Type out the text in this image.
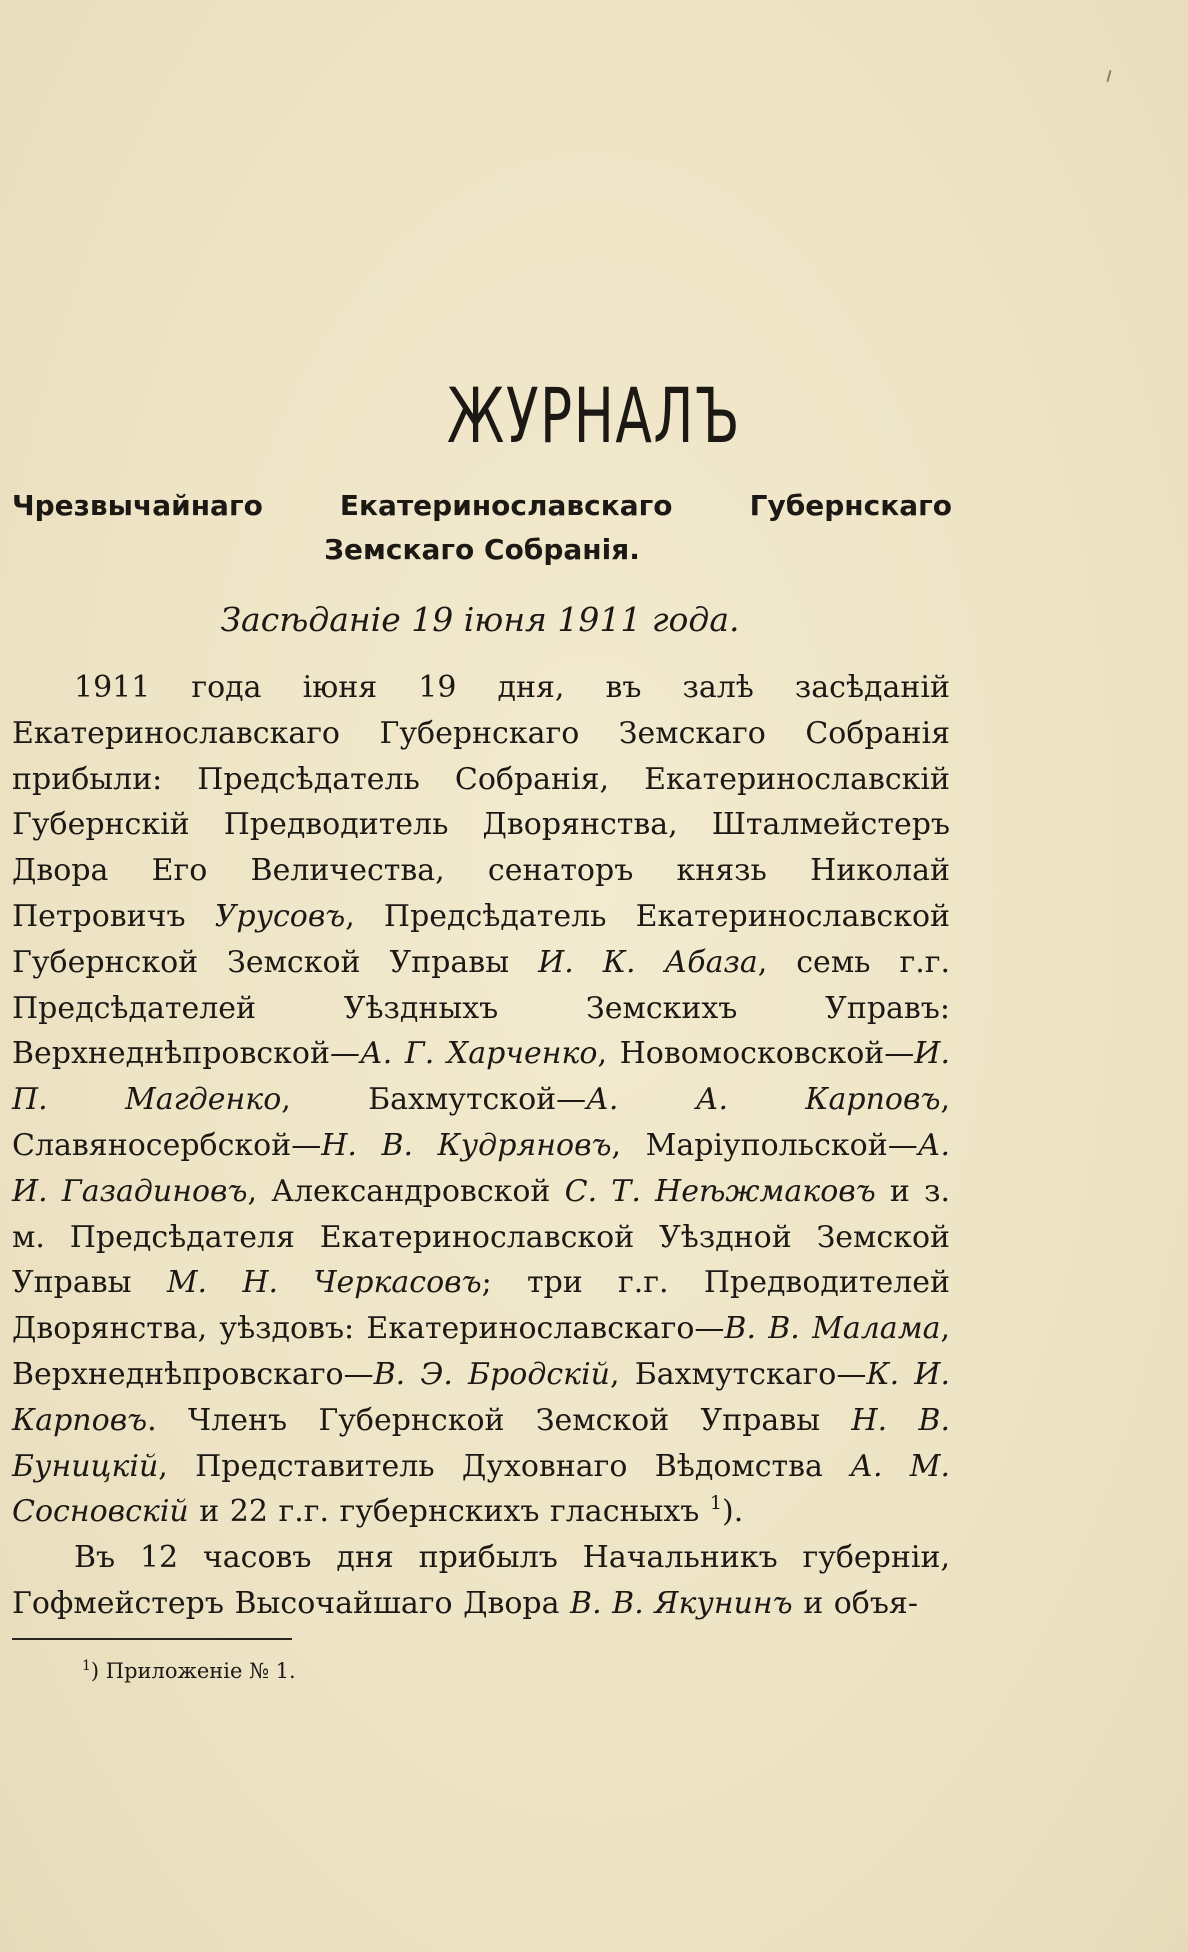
ЖУРНАЛЪ
Чрезвычайнаго Екатеринославскаго Губернскаго Земскаго Собранія.
Засѣданіе 19 іюня 1911 года.

1911 года іюня 19 дня, въ залѣ засѣданій Екатеринославскаго Губернскаго Земскаго Собранія прибыли: Предсѣдатель Собранія, Екатеринославскій Губернскій Предводитель Дворянства, Шталмейстеръ Двора Его Величества, сенаторъ князь Николай Петровичъ Урусовъ, Предсѣдатель Екатеринославской Губернской Земской Управы И. К. Абаза, семь г.г. Предсѣдателей Уѣздныхъ Земскихъ Управъ: Верхнеднѣпровской—А. Г. Харченко, Новомосковской—И. П. Магденко, Бахмутской—А. А. Карповъ, Славяносербской—Н. В. Кудряновъ, Маріупольской—А. И. Газадиновъ, Александровской С. Т. Неѣжмаковъ и з. м. Предсѣдателя Екатеринославской Уѣздной Земской Управы М. Н. Черкасовъ; три г.г. Предводителей Дворянства, уѣздовъ: Екатеринославскаго—В. В. Малама, Верхнеднѣпровскаго—В. Э. Бродскій, Бахмутскаго—К. И. Карповъ. Членъ Губернской Земской Управы Н. В. Буницкій, Представитель Духовнаго Вѣдомства А. М. Сосновскій и 22 г.г. губернскихъ гласныхъ $^1$).

Въ 12 часовъ дня прибылъ Начальникъ губерніи, Гофмейстеръ Высочайшаго Двора В. В. Якунинъ и объя-

$^1$) Приложеніе № 1.
